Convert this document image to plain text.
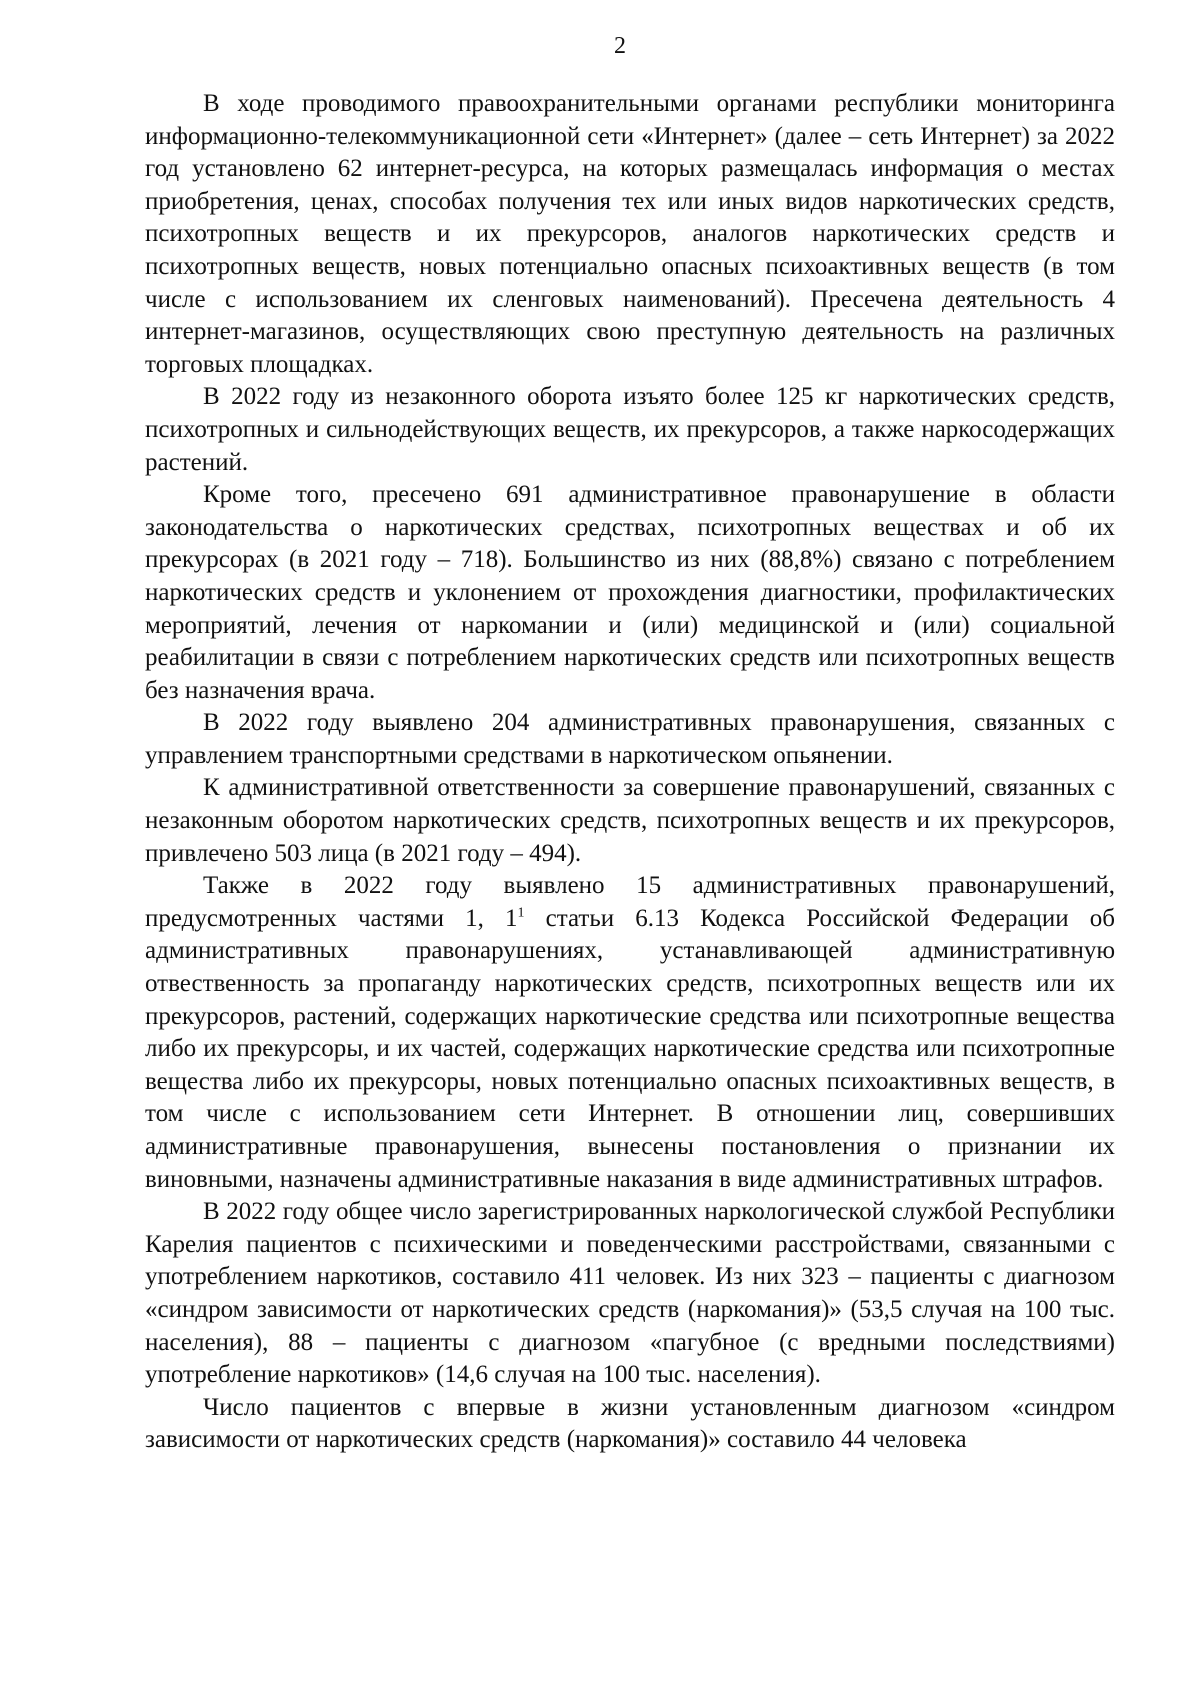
2

В ходе проводимого правоохранительными органами республики мониторинга информационно-телекоммуникационной сети «Интернет» (далее – сеть Интернет) за 2022 год установлено 62 интернет-ресурса, на которых размещалась информация о местах приобретения, ценах, способах получения тех или иных видов наркотических средств, психотропных веществ и их прекурсоров, аналогов наркотических средств и психотропных веществ, новых потенциально опасных психоактивных веществ (в том числе с использованием их сленговых наименований). Пресечена деятельность 4 интернет-магазинов, осуществляющих свою преступную деятельность на различных торговых площадках.

В 2022 году из незаконного оборота изъято более 125 кг наркотических средств, психотропных и сильнодействующих веществ, их прекурсоров, а также наркосодержащих растений.

Кроме того, пресечено 691 административное правонарушение в области законодательства о наркотических средствах, психотропных веществах и об их прекурсорах (в 2021 году – 718). Большинство из них (88,8%) связано с потреблением наркотических средств и уклонением от прохождения диагностики, профилактических мероприятий, лечения от наркомании и (или) медицинской и (или) социальной реабилитации в связи с потреблением наркотических средств или психотропных веществ без назначения врача.

В 2022 году выявлено 204 административных правонарушения, связанных с управлением транспортными средствами в наркотическом опьянении.

К административной ответственности за совершение правонарушений, связанных с незаконным оборотом наркотических средств, психотропных веществ и их прекурсоров, привлечено 503 лица (в 2021 году – 494).

Также в 2022 году выявлено 15 административных правонарушений, предусмотренных частями 1, $1^1$ статьи 6.13 Кодекса Российской Федерации об административных правонарушениях, устанавливающей административную отвественность за пропаганду наркотических средств, психотропных веществ или их прекурсоров, растений, содержащих наркотические средства или психотропные вещества либо их прекурсоры, и их частей, содержащих наркотические средства или психотропные вещества либо их прекурсоры, новых потенциально опасных психоактивных веществ, в том числе с использованием сети Интернет. В отношении лиц, совершивших административные правонарушения, вынесены постановления о признании их виновными, назначены административные наказания в виде административных штрафов.

В 2022 году общее число зарегистрированных наркологической службой Республики Карелия пациентов с психическими и поведенческими расстройствами, связанными с употреблением наркотиков, составило 411 человек. Из них 323 – пациенты с диагнозом «синдром зависимости от наркотических средств (наркомания)» (53,5 случая на 100 тыс. населения), 88 – пациенты с диагнозом «пагубное (с вредными последствиями) употребление наркотиков» (14,6 случая на 100 тыс. населения).

Число пациентов с впервые в жизни установленным диагнозом «синдром зависимости от наркотических средств (наркомания)» составило 44 человека
